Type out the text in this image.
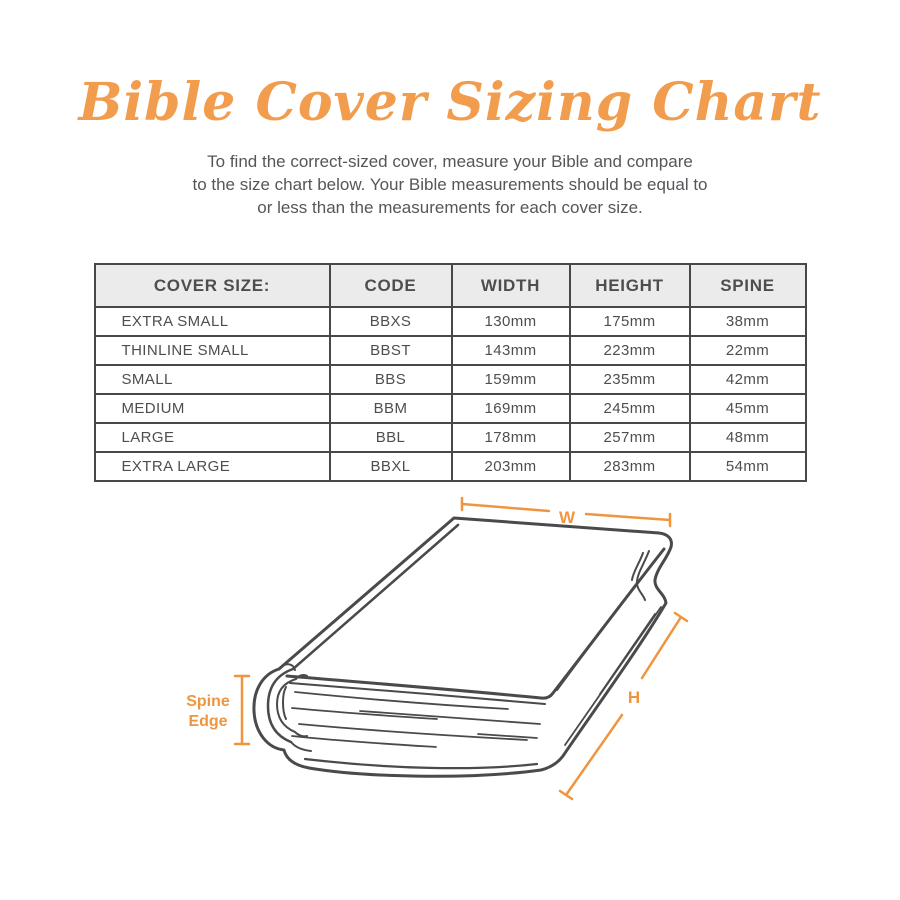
Bible Cover Sizing Chart
To find the correct-sized cover, measure your Bible and compare
to the size chart below. Your Bible measurements should be equal to
or less than the measurements for each cover size.
COVER SIZE:	CODE	WIDTH	HEIGHT	SPINE
EXTRA SMALL	BBXS	130mm	175mm	38mm
THINLINE SMALL	BBST	143mm	223mm	22mm
SMALL	BBS	159mm	235mm	42mm
MEDIUM	BBM	169mm	245mm	45mm
LARGE	BBL	178mm	257mm	48mm
EXTRA LARGE	BBXL	203mm	283mm	54mm
W
H
Spine
Edge
